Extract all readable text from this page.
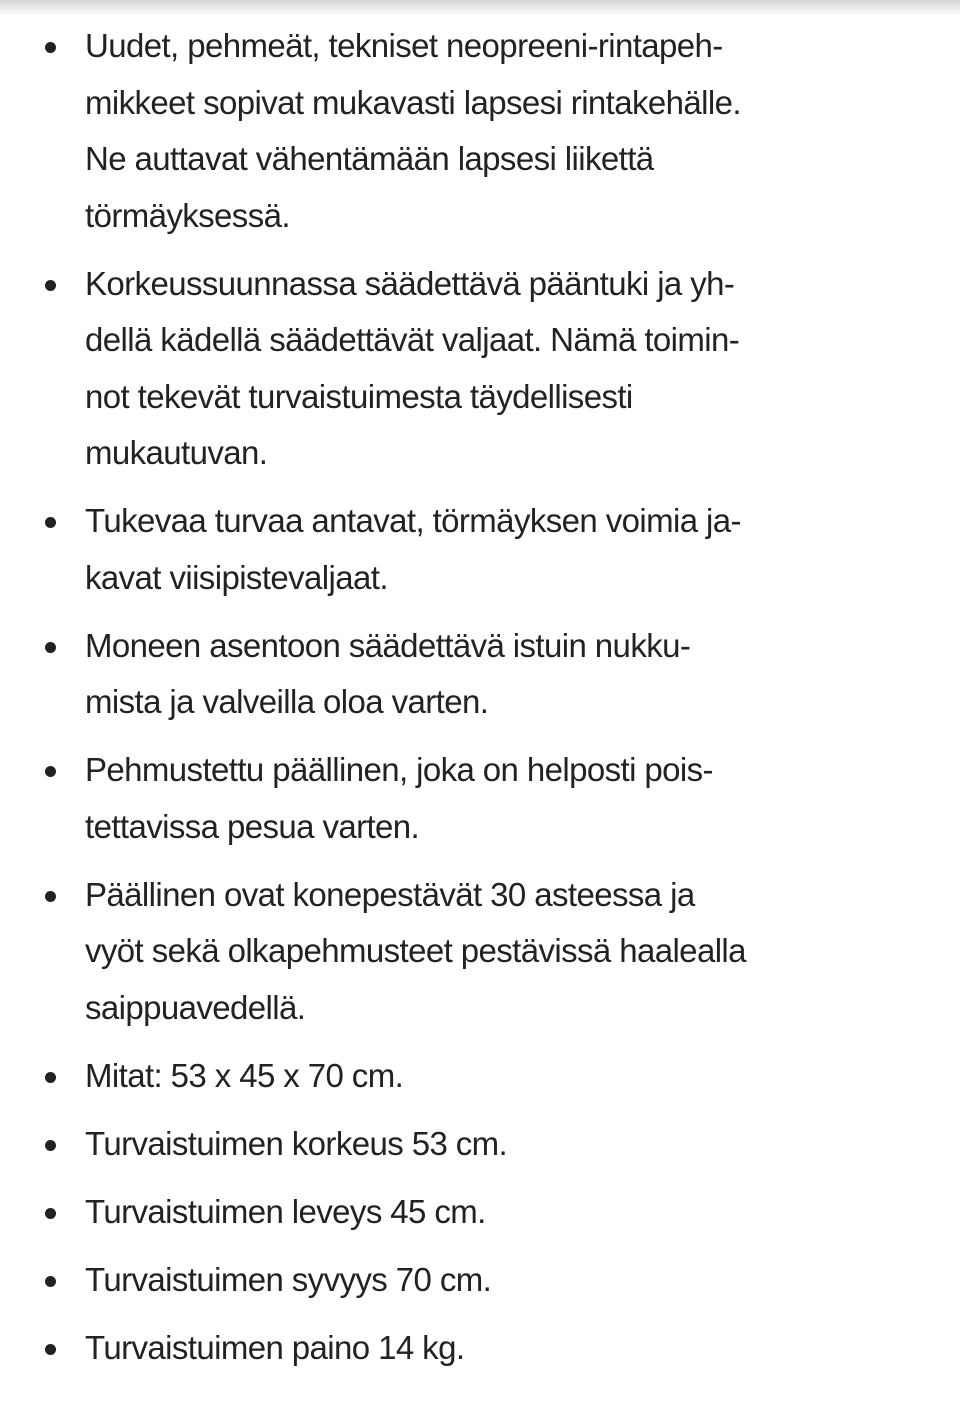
Uudet, pehmeät, tekniset neopreeni-rintapeh-
mikkeet sopivat mukavasti lapsesi rintakehälle.
Ne auttavat vähentämään lapsesi liikettä
törmäyksessä.
Korkeussuunnassa säädettävä pääntuki ja yh-
dellä kädellä säädettävät valjaat. Nämä toimin-
not tekevät turvaistuimesta täydellisesti
mukautuvan.
Tukevaa turvaa antavat, törmäyksen voimia ja-
kavat viisipistevaljaat.
Moneen asentoon säädettävä istuin nukku-
mista ja valveilla oloa varten.
Pehmustettu päällinen, joka on helposti pois-
tettavissa pesua varten.
Päällinen ovat konepestävät 30 asteessa ja
vyöt sekä olkapehmusteet pestävissä haalealla
saippuavedellä.
Mitat: 53 x 45 x 70 cm.
Turvaistuimen korkeus 53 cm.
Turvaistuimen leveys 45 cm.
Turvaistuimen syvyys 70 cm.
Turvaistuimen paino 14 kg.
